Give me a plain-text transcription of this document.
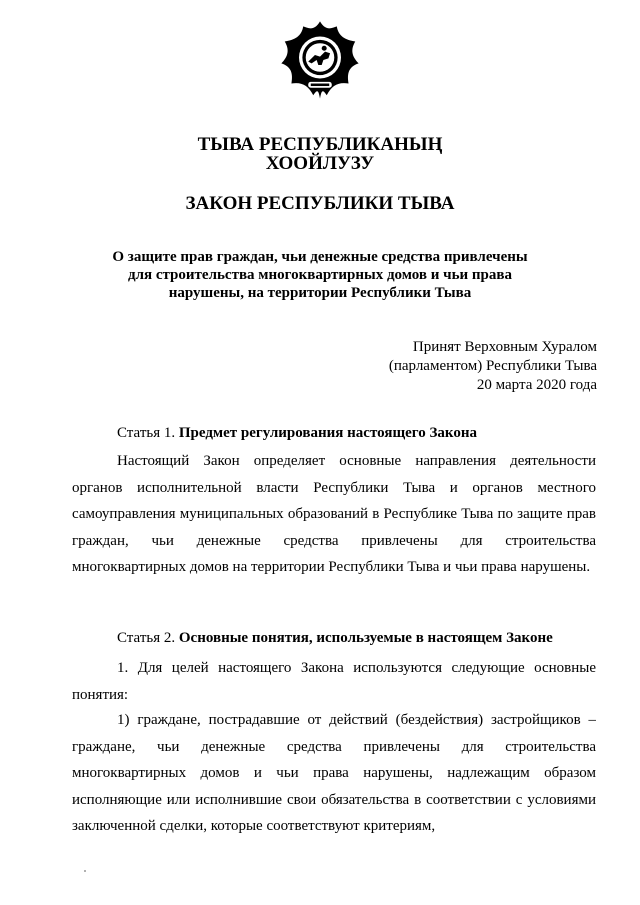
ТЫВА РЕСПУБЛИКАНЫҢ
ХООЙЛУЗУ
ЗАКОН РЕСПУБЛИКИ ТЫВА
О защите прав граждан, чьи денежные средства привлечены для строительства многоквартирных домов и чьи права нарушены, на территории Республики Тыва
Принят Верховным Хуралом
(парламентом) Республики Тыва
20 марта 2020 года
Статья 1. Предмет регулирования настоящего Закона

Настоящий Закон определяет основные направления деятельности органов исполнительной власти Республики Тыва и органов местного самоуправления муниципальных образований в Республике Тыва по защите прав граждан, чьи денежные средства привлечены для строительства многоквартирных домов на территории Республики Тыва и чьи права нарушены.

Статья 2. Основные понятия, используемые в настоящем Законе

1. Для целей настоящего Закона используются следующие основные понятия:

1) граждане, пострадавшие от действий (бездействия) застройщиков – граждане, чьи денежные средства привлечены для строительства многоквартирных домов и чьи права нарушены, надлежащим образом исполняющие или исполнившие свои обязательства в соответствии с условиями заключенной сделки, которые соответствуют критериям,
